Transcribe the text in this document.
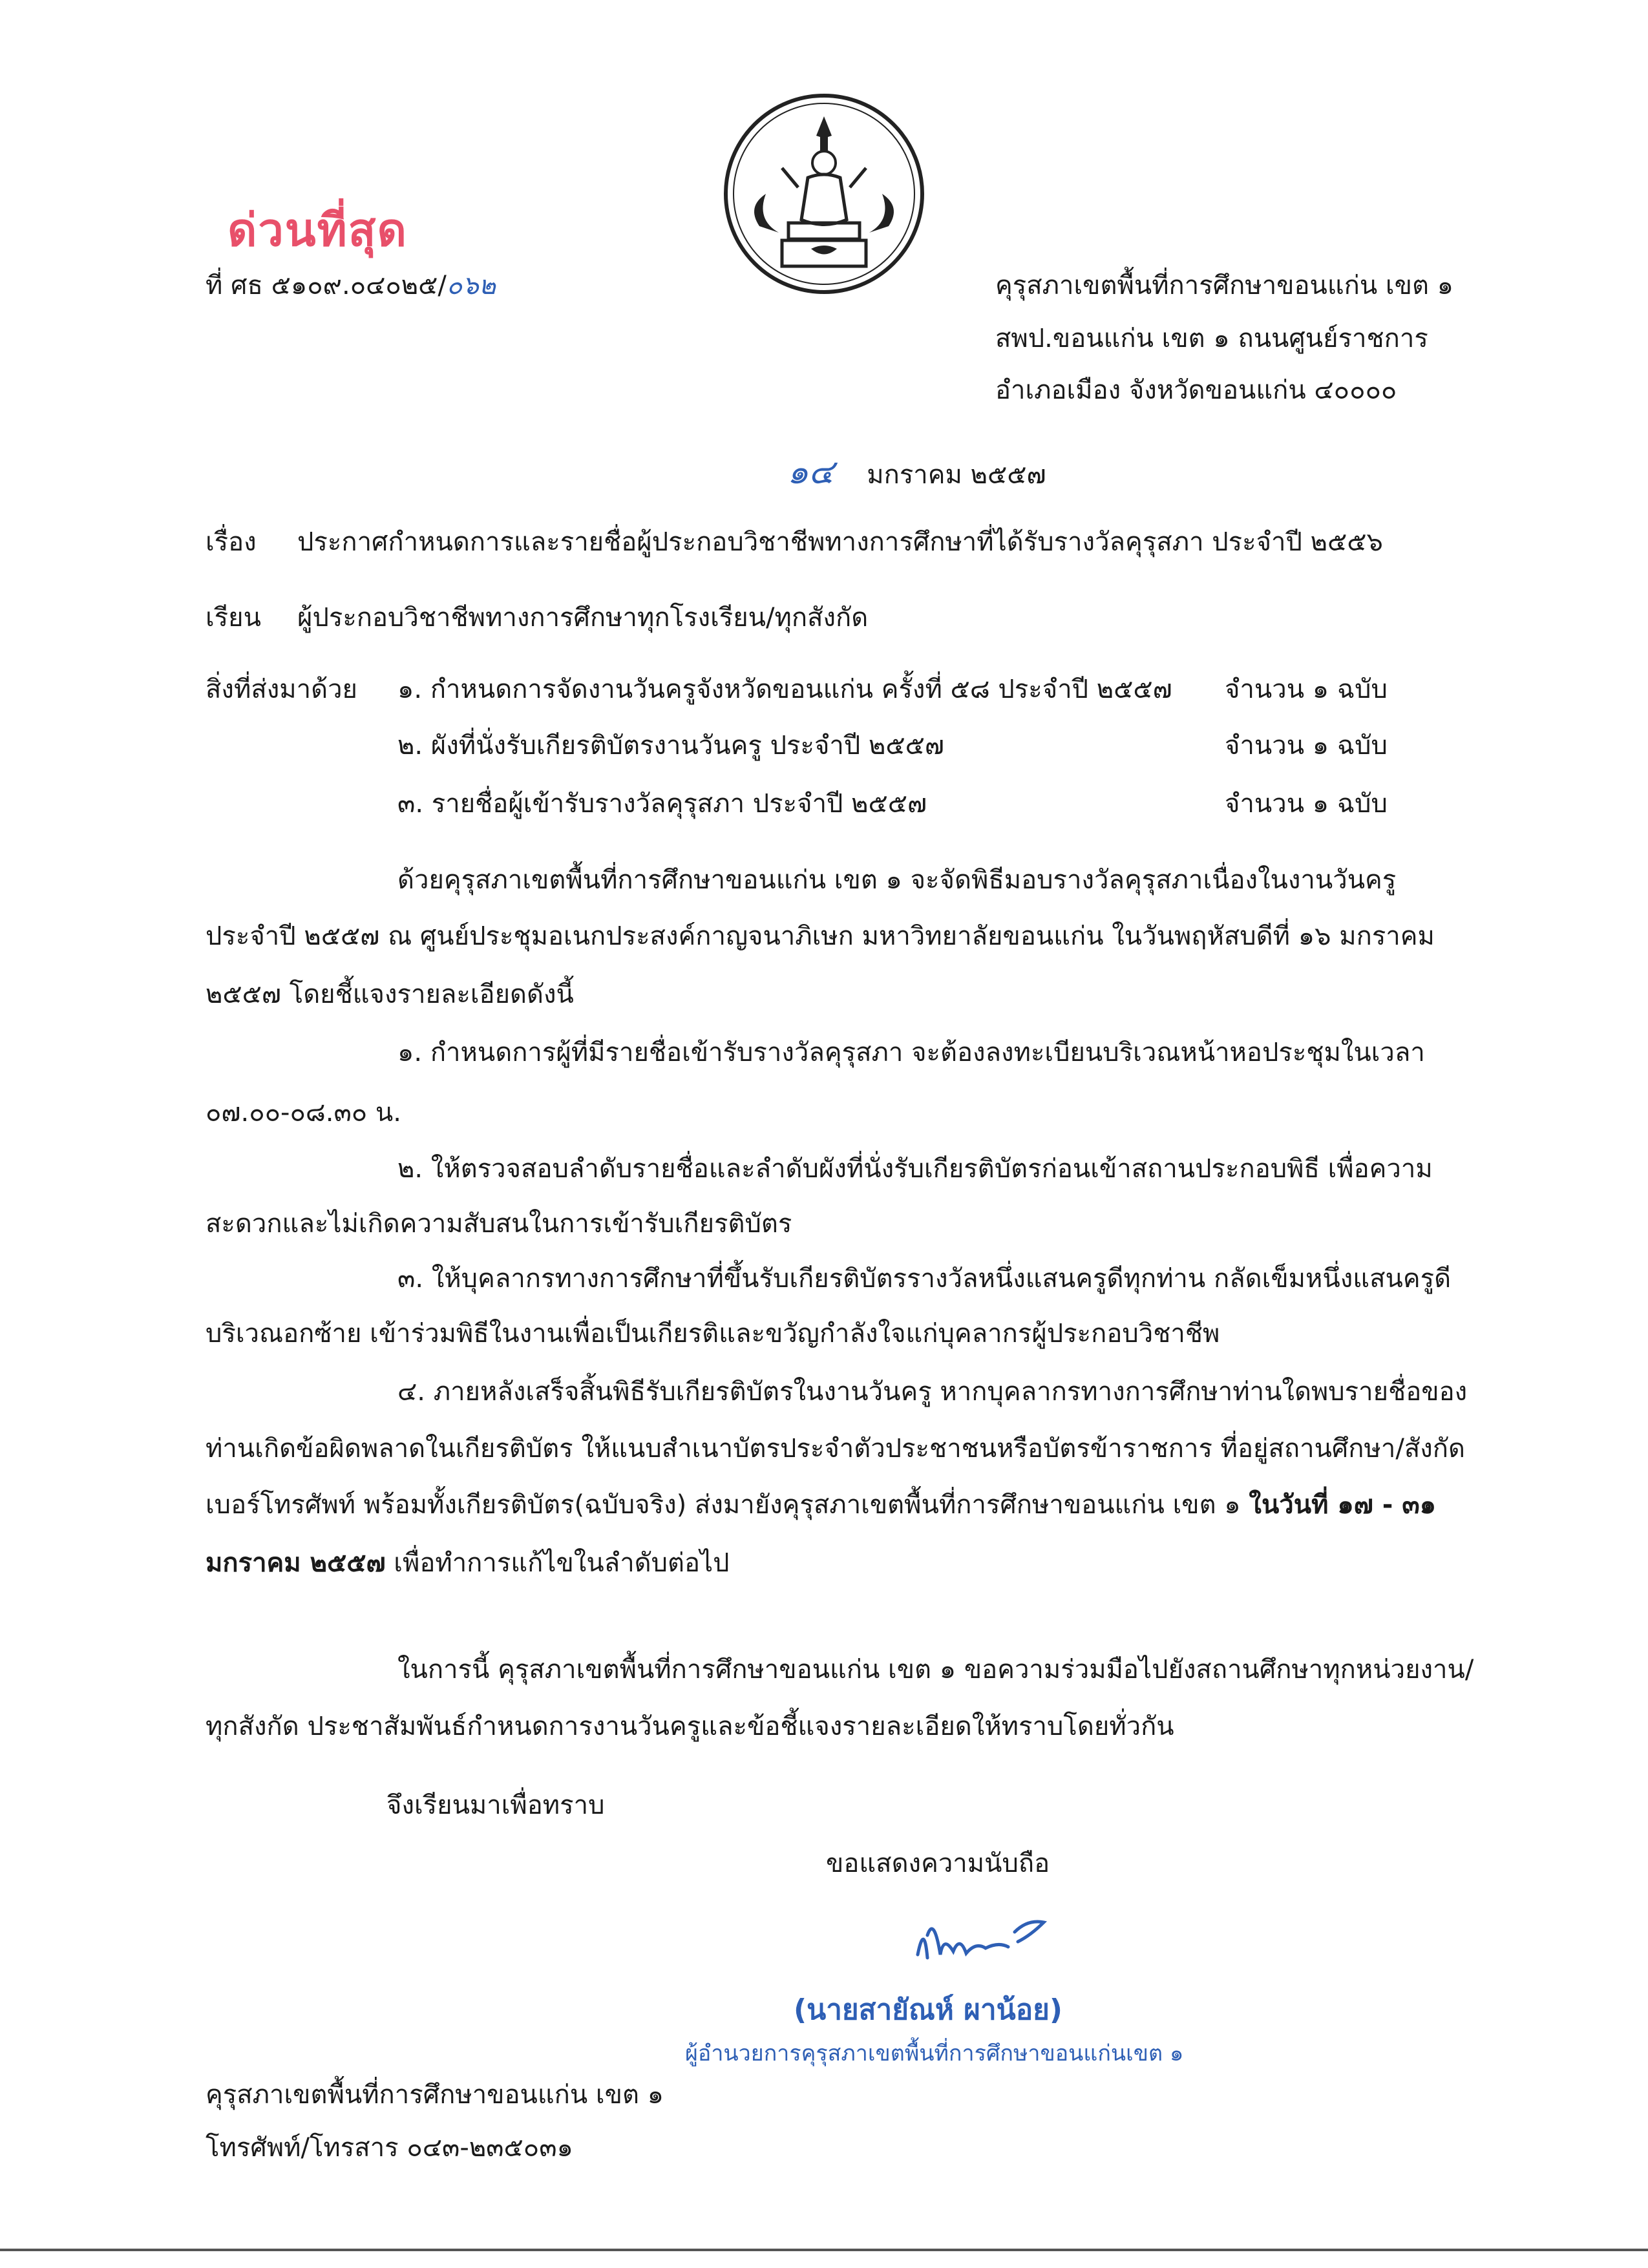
ด่วนที่สุด
ที่ ศธ ๕๑๐๙.๐๔๐๒๕/๐๖๒	คุรุสภาเขตพื้นที่การศึกษาขอนแก่น เขต ๑
สพป.ขอนแก่น เขต ๑ ถนนศูนย์ราชการ
อำเภอเมือง จังหวัดขอนแก่น ๔๐๐๐๐
๑๔ มกราคม ๒๕๕๗
เรื่อง ประกาศกำหนดการและรายชื่อผู้ประกอบวิชาชีพทางการศึกษาที่ได้รับรางวัลคุรุสภา ประจำปี ๒๕๕๖
เรียน ผู้ประกอบวิชาชีพทางการศึกษาทุกโรงเรียน/ทุกสังกัด
สิ่งที่ส่งมาด้วย ๑. กำหนดการจัดงานวันครูจังหวัดขอนแก่น ครั้งที่ ๕๘ ประจำปี ๒๕๕๗ จำนวน ๑ ฉบับ
๒. ผังที่นั่งรับเกียรติบัตรงานวันครู ประจำปี ๒๕๕๗	จำนวน ๑ ฉบับ
๓. รายชื่อผู้เข้ารับรางวัลคุรุสภา ประจำปี ๒๕๕๗	จำนวน ๑ ฉบับ
ด้วยคุรุสภาเขตพื้นที่การศึกษาขอนแก่น เขต ๑ จะจัดพิธีมอบรางวัลคุรุสภาเนื่องในงานวันครู
ประจำปี ๒๕๕๗ ณ ศูนย์ประชุมอเนกประสงค์กาญจนาภิเษก มหาวิทยาลัยขอนแก่น ในวันพฤหัสบดีที่ ๑๖ มกราคม
๒๕๕๗ โดยชี้แจงรายละเอียดดังนี้
๑. กำหนดการผู้ที่มีรายชื่อเข้ารับรางวัลคุรุสภา จะต้องลงทะเบียนบริเวณหน้าหอประชุมในเวลา
๐๗.๐๐-๐๘.๓๐ น.
๒. ให้ตรวจสอบลำดับรายชื่อและลำดับผังที่นั่งรับเกียรติบัตรก่อนเข้าสถานประกอบพิธี เพื่อความ
สะดวกและไม่เกิดความสับสนในการเข้ารับเกียรติบัตร
๓. ให้บุคลากรทางการศึกษาที่ขึ้นรับเกียรติบัตรรางวัลหนึ่งแสนครูดีทุกท่าน กลัดเข็มหนึ่งแสนครูดี
บริเวณอกซ้าย เข้าร่วมพิธีในงานเพื่อเป็นเกียรติและขวัญกำลังใจแก่บุคลากรผู้ประกอบวิชาชีพ
๔. ภายหลังเสร็จสิ้นพิธีรับเกียรติบัตรในงานวันครู หากบุคลากรทางการศึกษาท่านใดพบรายชื่อของ
ท่านเกิดข้อผิดพลาดในเกียรติบัตร ให้แนบสำเนาบัตรประจำตัวประชาชนหรือบัตรข้าราชการ ที่อยู่สถานศึกษา/สังกัด
เบอร์โทรศัพท์ พร้อมทั้งเกียรติบัตร(ฉบับจริง) ส่งมายังคุรุสภาเขตพื้นที่การศึกษาขอนแก่น เขต ๑ ในวันที่ ๑๗ - ๓๑
มกราคม ๒๕๕๗ เพื่อทำการแก้ไขในลำดับต่อไป
ในการนี้ คุรุสภาเขตพื้นที่การศึกษาขอนแก่น เขต ๑ ขอความร่วมมือไปยังสถานศึกษาทุกหน่วยงาน/
ทุกสังกัด ประชาสัมพันธ์กำหนดการงานวันครูและข้อชี้แจงรายละเอียดให้ทราบโดยทั่วกัน
จึงเรียนมาเพื่อทราบ
ขอแสดงความนับถือ
(นายสายัณห์ ผาน้อย)
ผู้อำนวยการคุรุสภาเขตพื้นที่การศึกษาขอนแก่นเขต ๑
คุรุสภาเขตพื้นที่การศึกษาขอนแก่น เขต ๑
โทรศัพท์/โทรสาร ๐๔๓-๒๓๕๐๓๑
